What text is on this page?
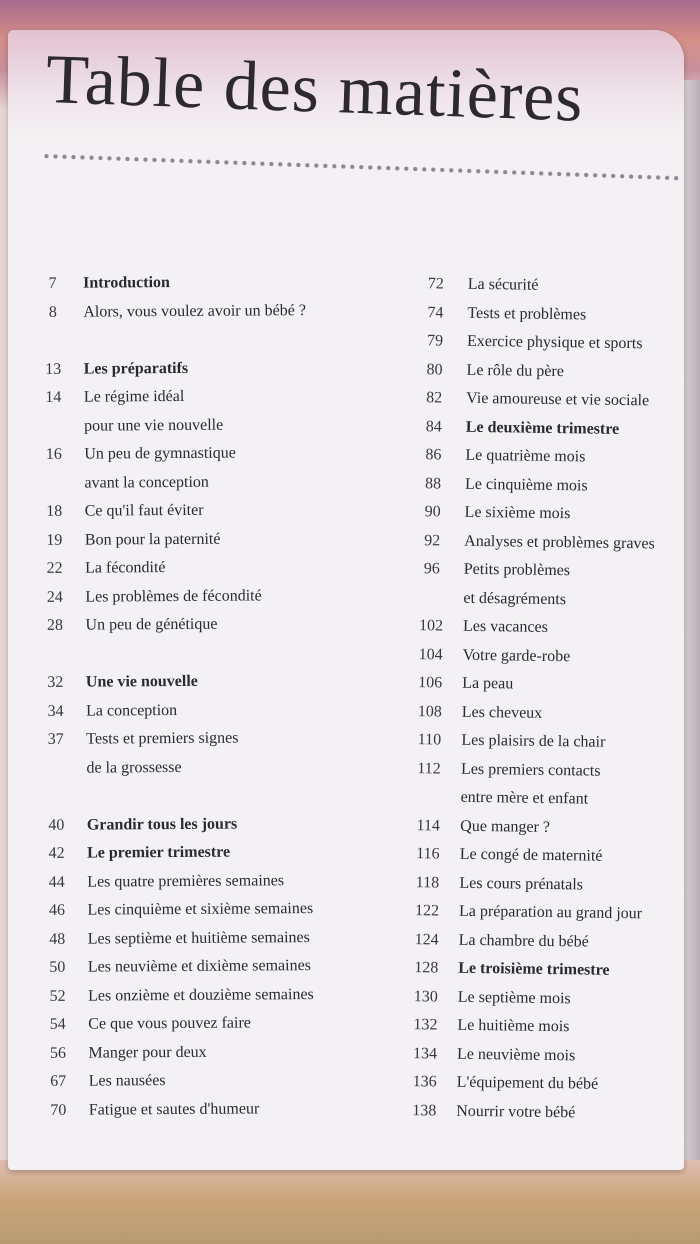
Table des matières
7	Introduction
8	Alors, vous voulez avoir un bébé ?
13	Les préparatifs
14	Le régime idéal
pour une vie nouvelle
16	Un peu de gymnastique
avant la conception
18	Ce qu'il faut éviter
19	Bon pour la paternité
22	La fécondité
24	Les problèmes de fécondité
28	Un peu de génétique
32	Une vie nouvelle
34	La conception
37	Tests et premiers signes
de la grossesse
40	Grandir tous les jours
42	Le premier trimestre
44	Les quatre premières semaines
46	Les cinquième et sixième semaines
48	Les septième et huitième semaines
50	Les neuvième et dixième semaines
52	Les onzième et douzième semaines
54	Ce que vous pouvez faire
56	Manger pour deux
67	Les nausées
70	Fatigue et sautes d'humeur
72	La sécurité
74	Tests et problèmes
79	Exercice physique et sports
80	Le rôle du père
82	Vie amoureuse et vie sociale
84	Le deuxième trimestre
86	Le quatrième mois
88	Le cinquième mois
90	Le sixième mois
92	Analyses et problèmes graves
96	Petits problèmes
et désagréments
102	Les vacances
104	Votre garde-robe
106	La peau
108	Les cheveux
110	Les plaisirs de la chair
112	Les premiers contacts
entre mère et enfant
114	Que manger ?
116	Le congé de maternité
118	Les cours prénatals
122	La préparation au grand jour
124	La chambre du bébé
128	Le troisième trimestre
130	Le septième mois
132	Le huitième mois
134	Le neuvième mois
136	L'équipement du bébé
138	Nourrir votre bébé
